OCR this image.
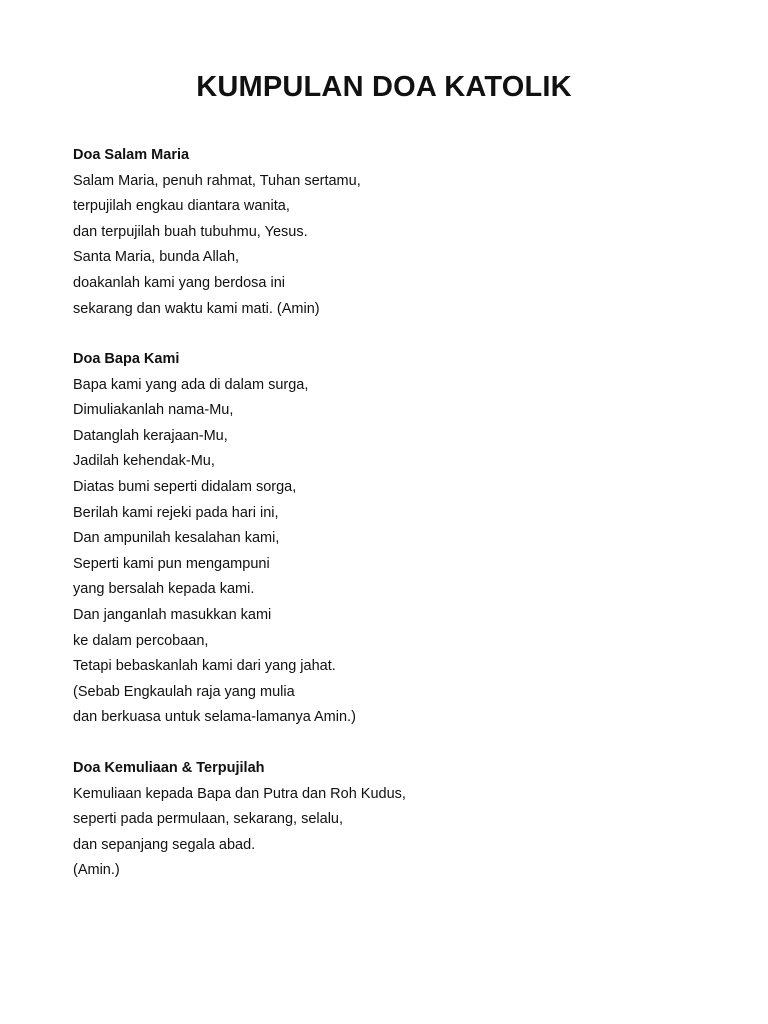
KUMPULAN DOA KATOLIK
Doa Salam Maria
Salam Maria, penuh rahmat, Tuhan sertamu,
terpujilah engkau diantara wanita,
dan terpujilah buah tubuhmu, Yesus.
Santa Maria, bunda Allah,
doakanlah kami yang berdosa ini
sekarang dan waktu kami mati. (Amin)
Doa Bapa Kami
Bapa kami yang ada di dalam surga,
Dimuliakanlah nama-Mu,
Datanglah kerajaan-Mu,
Jadilah kehendak-Mu,
Diatas bumi seperti didalam sorga,
Berilah kami rejeki pada hari ini,
Dan ampunilah kesalahan kami,
Seperti kami pun mengampuni
yang bersalah kepada kami.
Dan janganlah masukkan kami
ke dalam percobaan,
Tetapi bebaskanlah kami dari yang jahat.
(Sebab Engkaulah raja yang mulia
dan berkuasa untuk selama-lamanya Amin.)
Doa Kemuliaan & Terpujilah
Kemuliaan kepada Bapa dan Putra dan Roh Kudus,
seperti pada permulaan, sekarang, selalu,
dan sepanjang segala abad.
(Amin.)
